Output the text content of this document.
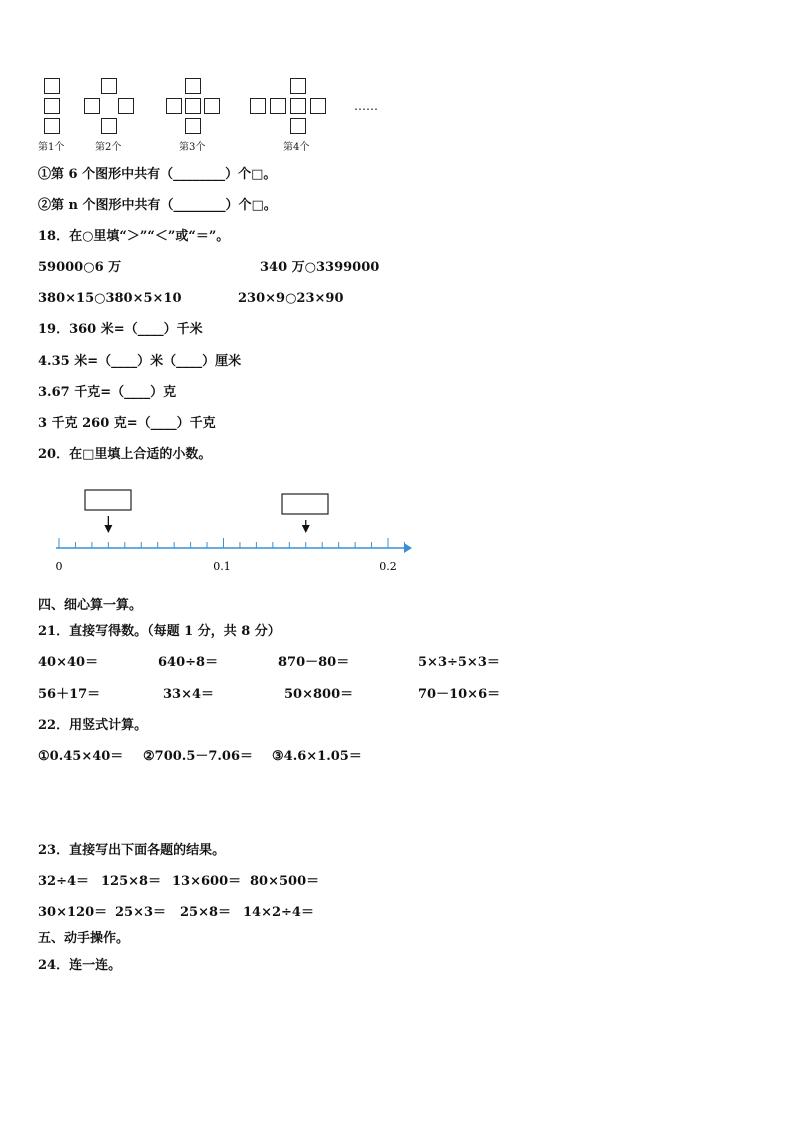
……
第1个	第2个	第3个	第4个
①第 6 个图形中共有（________）个□。
②第 n 个图形中共有（________）个□。
18．在○里填“＞”“＜”或“＝”。
59000○6 万	340 万○3399000
380×15○380×5×10	230×9○23×90
19．360 米=（____）千米
4.35 米=（____）米（____）厘米
3.67 千克=（____）克
3 千克 260 克=（____）千克
20．在□里填上合适的小数。
0	0.1	0.2
四、细心算一算。
21．直接写得数。（每题 1 分，共 8 分）
40×40＝	640÷8＝	870－80＝	5×3÷5×3＝
56＋17＝	33×4＝	50×800＝	70－10×6＝
22．用竖式计算。
①0.45×40＝ ②700.5－7.06＝ ③4.6×1.05＝
23．直接写出下面各题的结果。
32÷4＝ 125×8＝ 13×600＝ 80×500＝
30×120＝ 25×3＝ 25×8＝ 14×2÷4＝
五、动手操作。
24．连一连。
